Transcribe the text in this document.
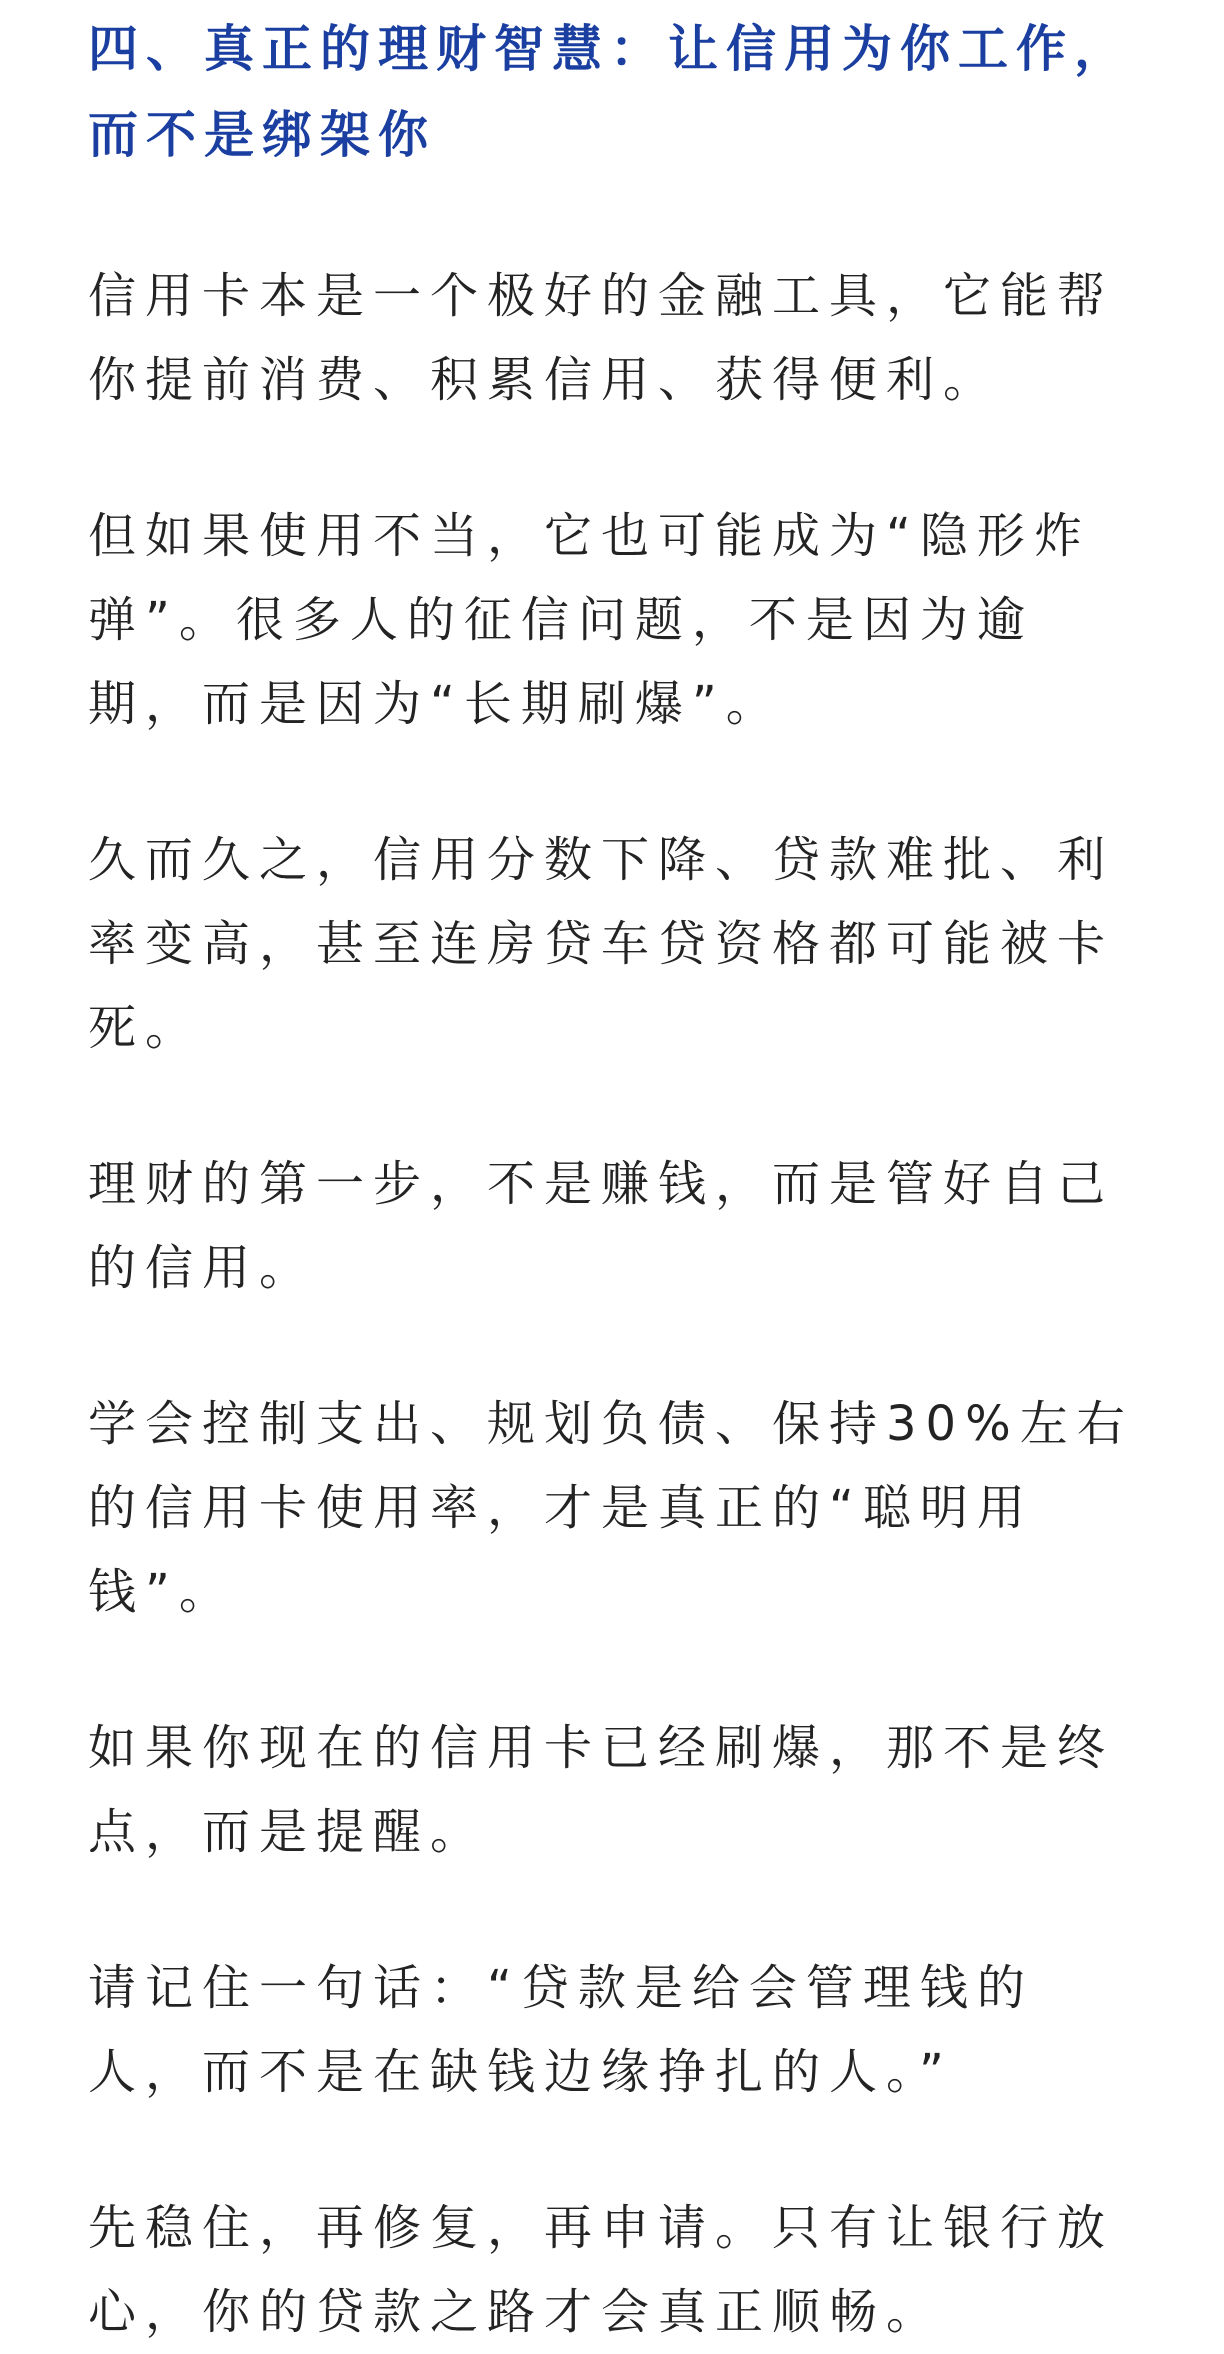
四、真正的理财智慧：让信用为你工作，而不是绑架你

信用卡本是一个极好的金融工具，它能帮你提前消费、积累信用、获得便利。

但如果使用不当，它也可能成为“隐形炸弹”。很多人的征信问题，不是因为逾期，而是因为“长期刷爆”。

久而久之，信用分数下降、贷款难批、利率变高，甚至连房贷车贷资格都可能被卡死。

理财的第一步，不是赚钱，而是管好自己的信用。

学会控制支出、规划负债、保持30%左右的信用卡使用率，才是真正的“聪明用钱”。

如果你现在的信用卡已经刷爆，那不是终点，而是提醒。

请记住一句话：“贷款是给会管理钱的人，而不是在缺钱边缘挣扎的人。”

先稳住，再修复，再申请。只有让银行放心，你的贷款之路才会真正顺畅。
